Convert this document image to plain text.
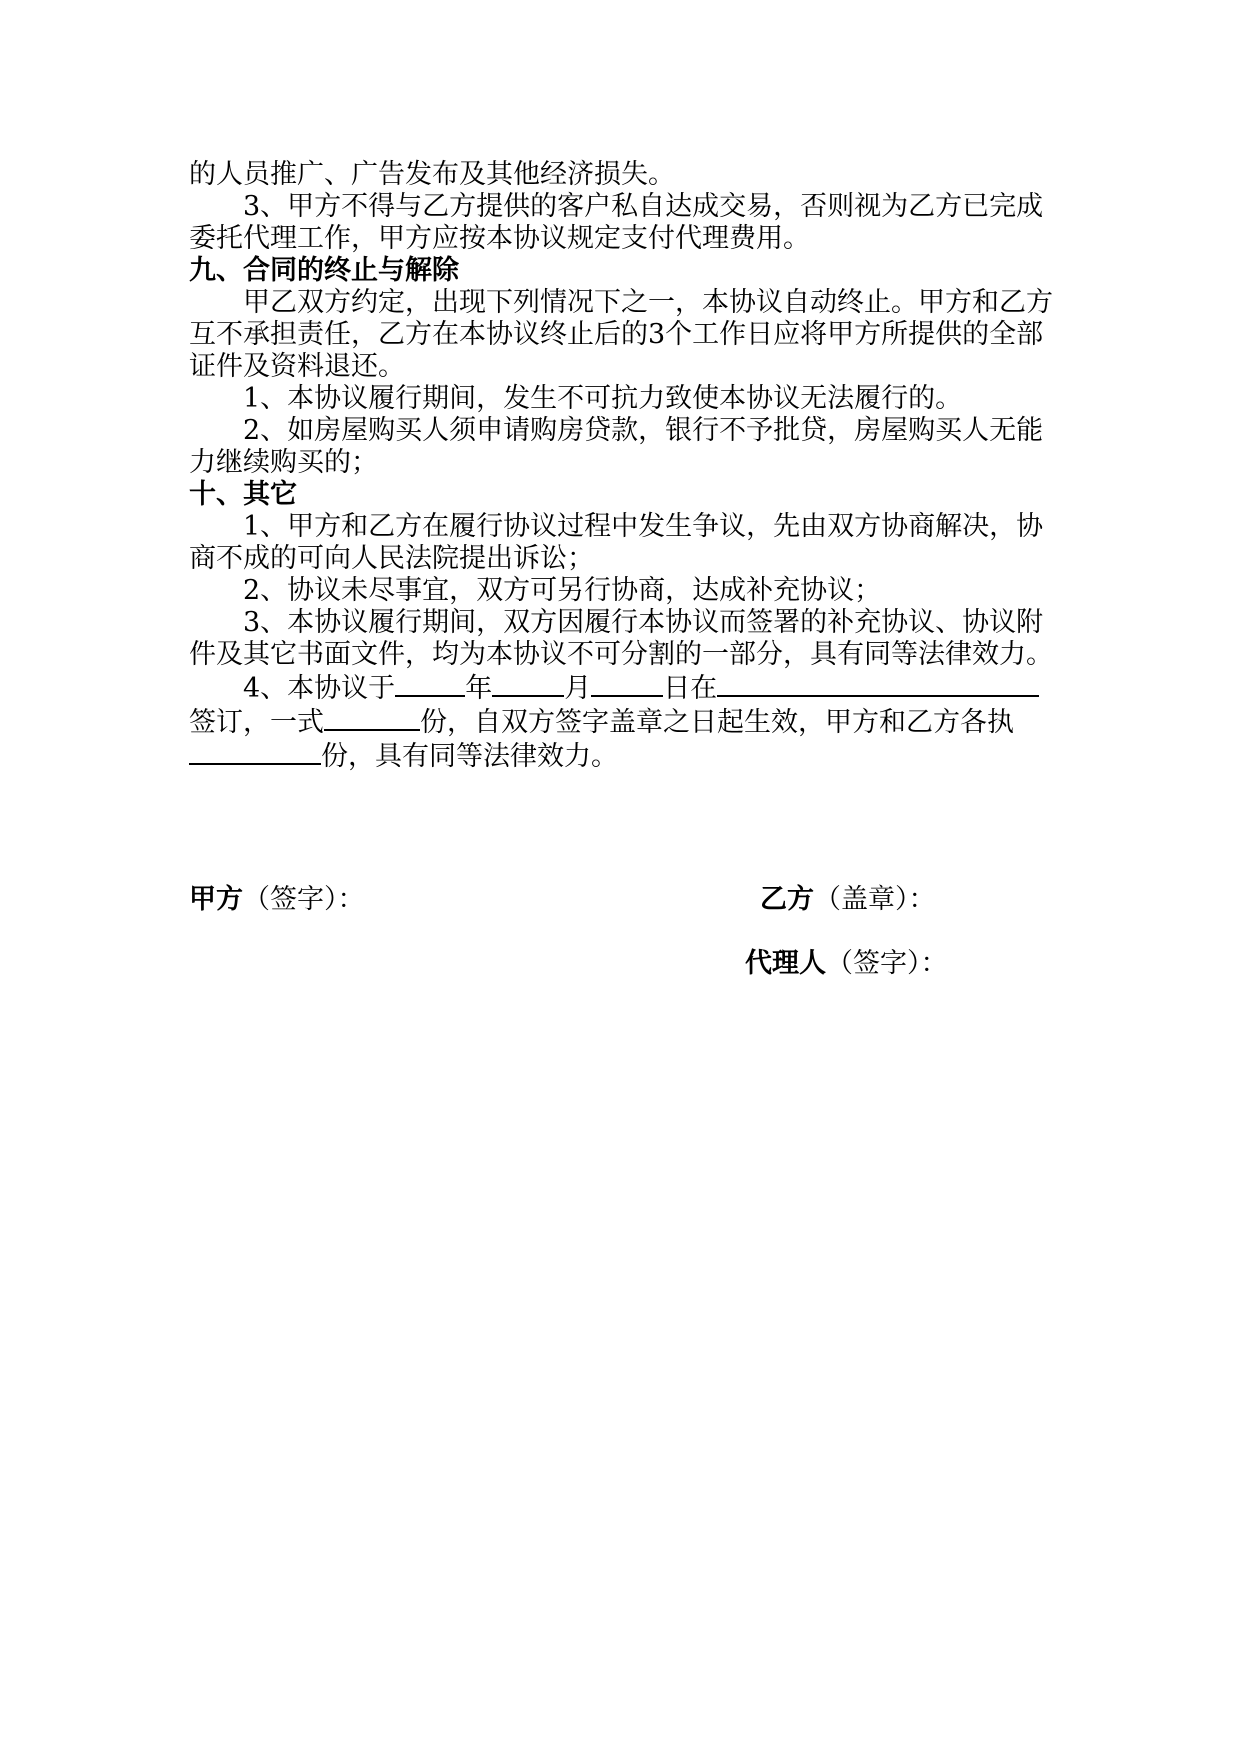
的人员推广、广告发布及其他经济损失。

3、甲方不得与乙方提供的客户私自达成交易，否则视为乙方已完成委托代理工作，甲方应按本协议规定支付代理费用。

九、合同的终止与解除

甲乙双方约定，出现下列情况下之一，本协议自动终止。甲方和乙方互不承担责任，乙方在本协议终止后的3个工作日应将甲方所提供的全部证件及资料退还。

1、本协议履行期间，发生不可抗力致使本协议无法履行的。

2、如房屋购买人须申请购房贷款，银行不予批贷，房屋购买人无能力继续购买的；

十、其它

1、甲方和乙方在履行协议过程中发生争议，先由双方协商解决，协商不成的可向人民法院提出诉讼；

2、协议未尽事宜，双方可另行协商，达成补充协议；

3、本协议履行期间，双方因履行本协议而签署的补充协议、协议附件及其它书面文件，均为本协议不可分割的一部分，具有同等法律效力。

4、本协议于	年	月	日在签订，一式	份，自双方签字盖章之日起生效，甲方和乙方各执份，具有同等法律效力。

甲方（签字）：	乙方（盖章）：
代理人（签字）：
